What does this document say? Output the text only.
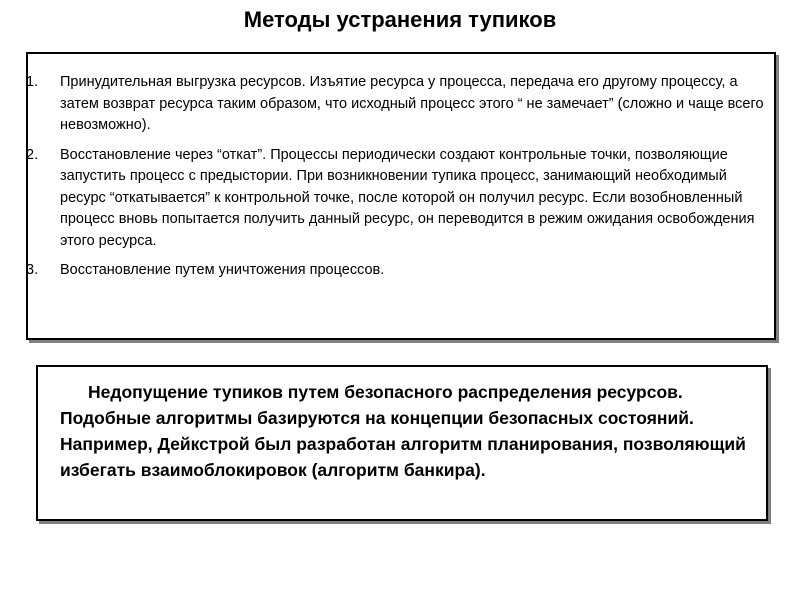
Методы устранения тупиков
1. Принудительная выгрузка ресурсов. Изъятие ресурса у процесса, передача его другому процессу, а затем возврат ресурса таким образом, что исходный процесс этого “ не замечает” (сложно и чаще всего невозможно).
2. Восстановление через “откат”. Процессы периодически создают контрольные точки, позволяющие запустить процесс с предыстории. При возникновении тупика процесс, занимающий необходимый ресурс “откатывается” к контрольной точке, после которой он получил ресурс. Если возобновленный процесс вновь попытается получить данный ресурс, он переводится в режим ожидания освобождения этого ресурса.
3. Восстановление путем уничтожения процессов.

Недопущение тупиков путем безопасного распределения ресурсов. Подобные алгоритмы базируются на концепции безопасных состояний. Например, Дейкстрой был разработан алгоритм планирования, позволяющий избегать взаимоблокировок (алгоритм банкира).
